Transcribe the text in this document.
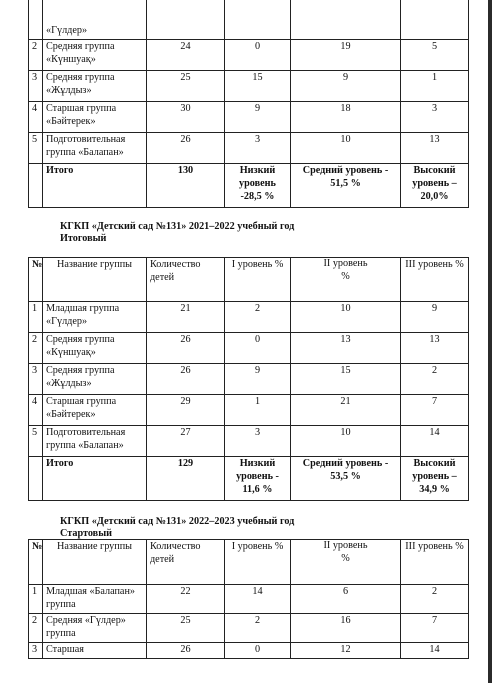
	«Гүлдер»				
2	Средняя группа «Күншуақ»	24	0	19	5
3	Средняя группа «Жұлдыз»	25	15	9	1
4	Старшая группа «Бәйтерек»	30	9	18	3
5	Подготовительная группа «Балапан»	26	3	10	13
	Итого	130	Низкий уровень -28,5 %	Средний уровень - 51,5 %	Высокий уровень –20,0%
КГКП «Детский сад №131» 2021–2022 учебный год
Итоговый
№	Название группы	Количество детей	I уровень %	II уровень %	III уровень %
1	Младшая группа «Гүлдер»	21	2	10	9
2	Средняя группа «Күншуақ»	26	0	13	13
3	Средняя группа «Жұлдыз»	26	9	15	2
4	Старшая группа «Бәйтерек»	29	1	21	7
5	Подготовительная группа «Балапан»	27	3	10	14
	Итого	129	Низкий уровень - 11,6 %	Средний уровень - 53,5 %	Высокий уровень –34,9 %
КГКП «Детский сад №131» 2022–2023 учебный год
Стартовый
№	Название группы	Количество детей	I уровень %	II уровень %	III уровень %
1	Младшая «Балапан» группа	22	14	6	2
2	Средняя «Гүлдер» группа	25	2	16	7
3	Старшая	26	0	12	14
